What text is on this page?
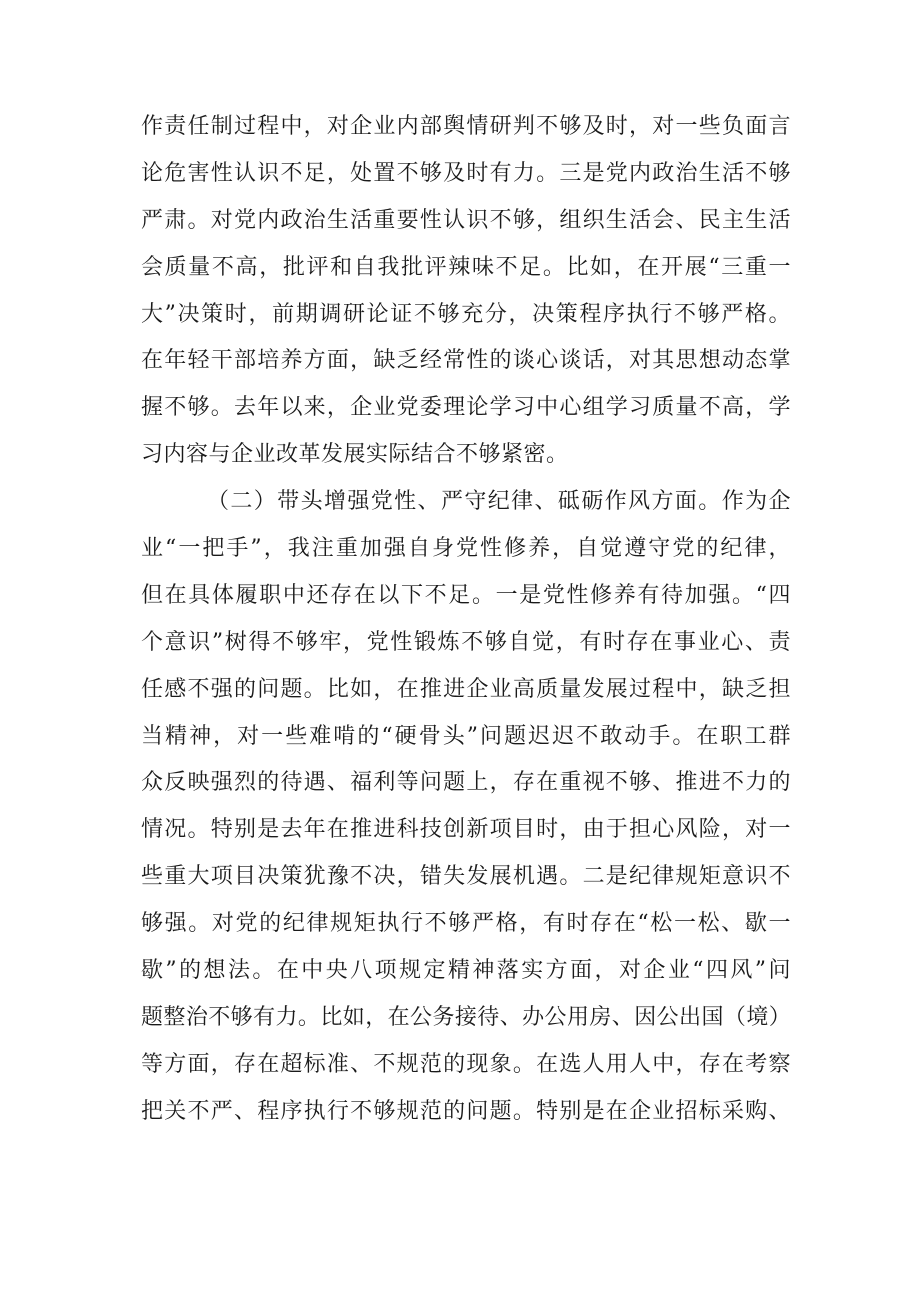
作责任制过程中，对企业内部舆情研判不够及时，对一些负面言
论危害性认识不足，处置不够及时有力。三是党内政治生活不够
严肃。对党内政治生活重要性认识不够，组织生活会、民主生活
会质量不高，批评和自我批评辣味不足。比如，在开展“三重一
大”决策时，前期调研论证不够充分，决策程序执行不够严格。
在年轻干部培养方面，缺乏经常性的谈心谈话，对其思想动态掌
握不够。去年以来，企业党委理论学习中心组学习质量不高，学
习内容与企业改革发展实际结合不够紧密。
（二）带头增强党性、严守纪律、砥砺作风方面。作为企
业“一把手”，我注重加强自身党性修养，自觉遵守党的纪律，
但在具体履职中还存在以下不足。一是党性修养有待加强。“四
个意识”树得不够牢，党性锻炼不够自觉，有时存在事业心、责
任感不强的问题。比如，在推进企业高质量发展过程中，缺乏担
当精神，对一些难啃的“硬骨头”问题迟迟不敢动手。在职工群
众反映强烈的待遇、福利等问题上，存在重视不够、推进不力的
情况。特别是去年在推进科技创新项目时，由于担心风险，对一
些重大项目决策犹豫不决，错失发展机遇。二是纪律规矩意识不
够强。对党的纪律规矩执行不够严格，有时存在“松一松、歇一
歇”的想法。在中央八项规定精神落实方面，对企业“四风”问
题整治不够有力。比如，在公务接待、办公用房、因公出国（境）
等方面，存在超标准、不规范的现象。在选人用人中，存在考察
把关不严、程序执行不够规范的问题。特别是在企业招标采购、
